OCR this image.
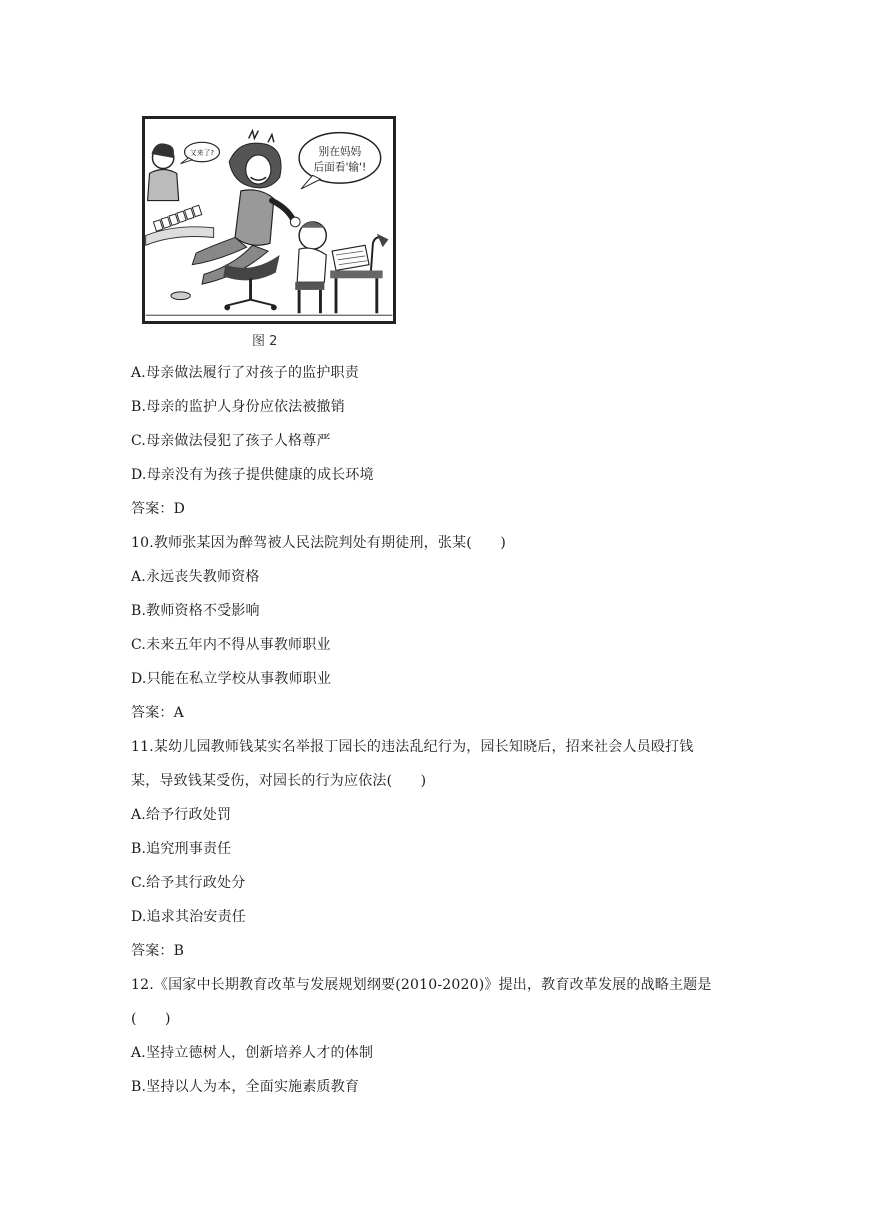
又来了?	别在妈妈
后面看'输'!
图 2
A.母亲做法履行了对孩子的监护职责
B.母亲的监护人身份应依法被撤销
C.母亲做法侵犯了孩子人格尊严
D.母亲没有为孩子提供健康的成长环境
答案：D
10.教师张某因为醉驾被人民法院判处有期徒刑，张某(　　)
A.永远丧失教师资格
B.教师资格不受影响
C.未来五年内不得从事教师职业
D.只能在私立学校从事教师职业
答案：A
11.某幼儿园教师钱某实名举报丁园长的违法乱纪行为，园长知晓后，招来社会人员殴打钱
某，导致钱某受伤，对园长的行为应依法(　　)
A.给予行政处罚
B.追究刑事责任
C.给予其行政处分
D.追求其治安责任
答案：B
12.《国家中长期教育改革与发展规划纲要(2010-2020)》提出，教育改革发展的战略主题是
(　　)
A.坚持立德树人，创新培养人才的体制
B.坚持以人为本，全面实施素质教育
